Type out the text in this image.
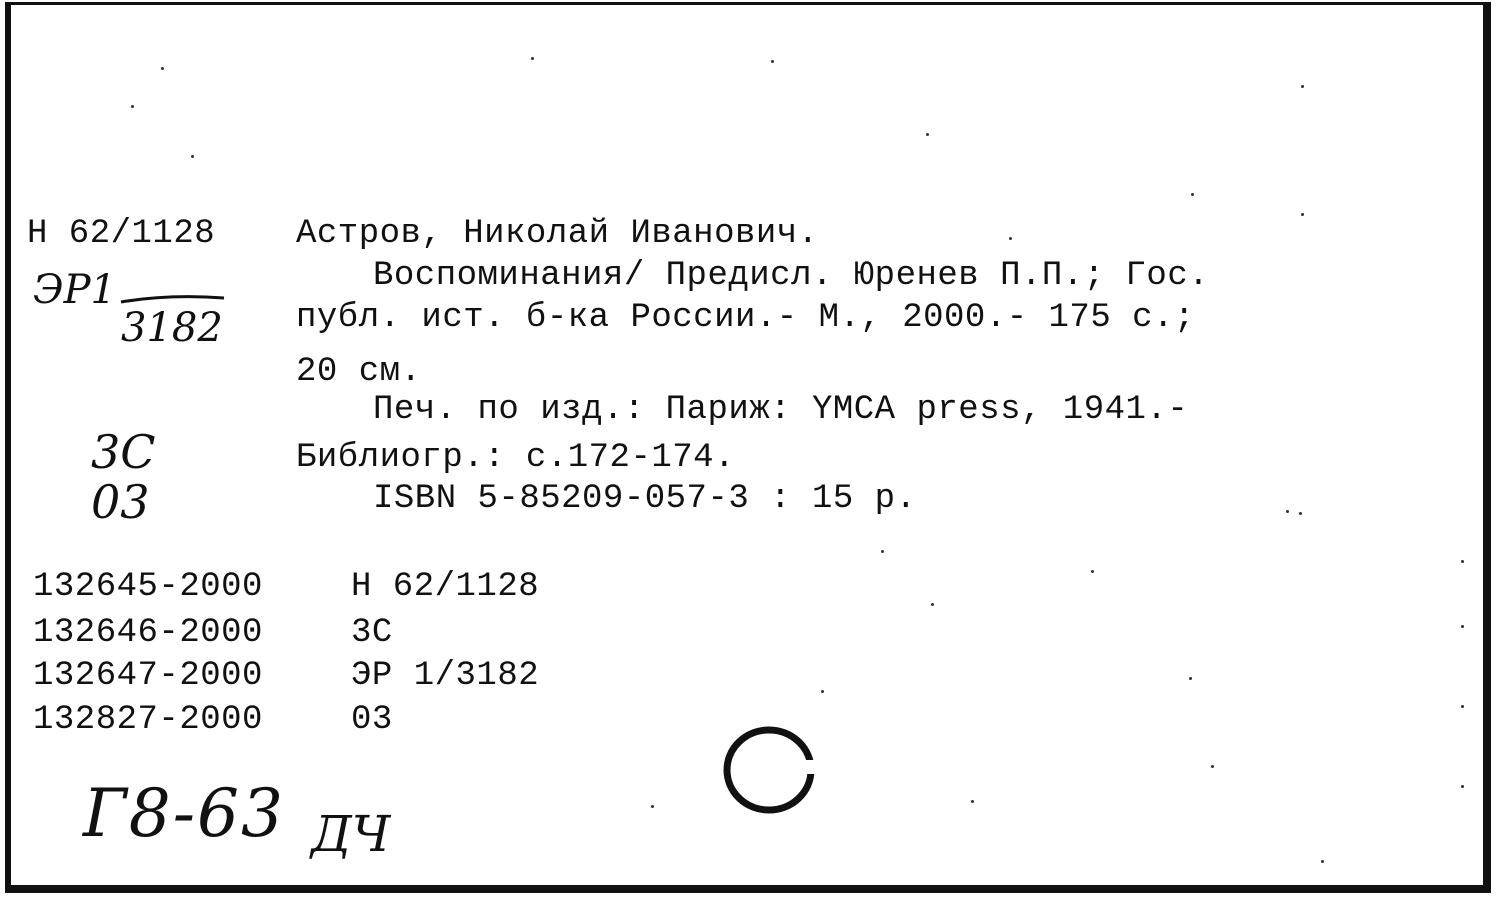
Н 62/1128
ЭР1
3182
3С
03
Астров, Николай Иванович.
Воспоминания/ Предисл. Юренев П.П.; Гос.
публ. ист. б-ка России.- М., 2000.- 175 с.;
20 см.
Печ. по изд.: Париж: YMCA press, 1941.-
Библиогр.: с.172-174.
ISBN 5-85209-057-3 : 15 р.
132645-2000	Н 62/1128
132646-2000	3С
132647-2000	ЭР 1/3182
132827-2000	03
Г8-63 ДЧ
